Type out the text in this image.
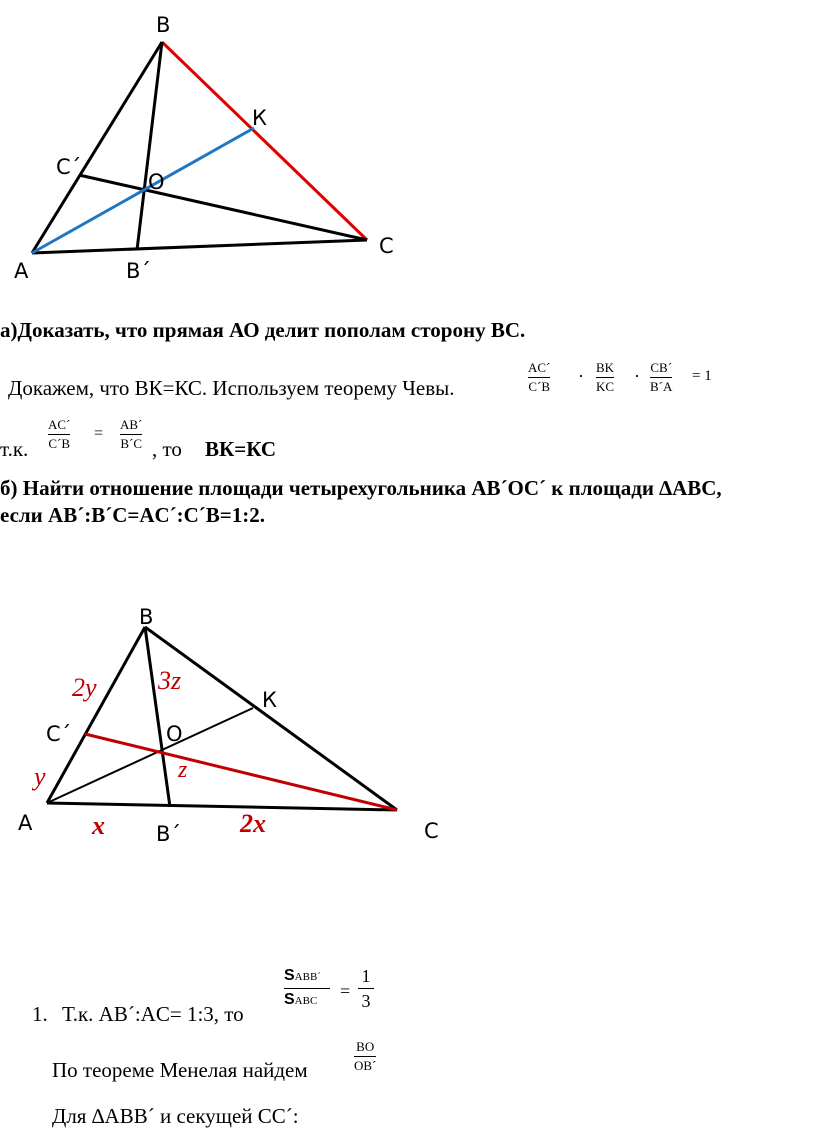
B
К
C´
O
C
A	B´
а)Доказать, что прямая АО делит пополам сторону ВС.
Докажем, что ВК=КС. Используем теорему Чевы.
AC´
C´B
· BK
KC
· CB´
B´A
= 1
т.к.
AC´
C´B
=
AB´
B´C , то ВК=КС
б) Найти отношение площади четырехугольника AB´OC´ к площади ∆ABC,
если AB´:B´C=AC´:C´B=1:2.
B
К
C´	O
C
A	B´
2y 3z
y	z
x	2x
1. Т.к. AB´:AC= 1:3, то
SABB´
SABC =
1
3
По теореме Менелая найдем
BO
OB´
Для ∆ABB´ и секущей CC´:
